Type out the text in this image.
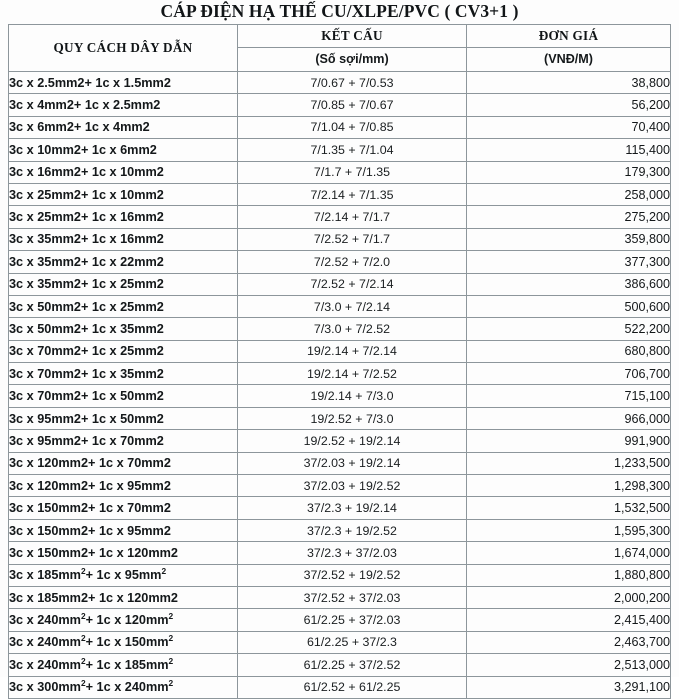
CÁP ĐIỆN HẠ THẾ CU/XLPE/PVC ( CV3+1 )
QUY CÁCH DÂY DẪN	KẾT CẤU	ĐƠN GIÁ
	(Số sợi/mm)	(VNĐ/M)
3c x 2.5mm2+ 1c x 1.5mm2	7/0.67 + 7/0.53	38,800
3c x 4mm2+ 1c x 2.5mm2	7/0.85 + 7/0.67	56,200
3c x 6mm2+ 1c x 4mm2	7/1.04 + 7/0.85	70,400
3c x 10mm2+ 1c x 6mm2	7/1.35 + 7/1.04	115,400
3c x 16mm2+ 1c x 10mm2	7/1.7 + 7/1.35	179,300
3c x 25mm2+ 1c x 10mm2	7/2.14 + 7/1.35	258,000
3c x 25mm2+ 1c x 16mm2	7/2.14 + 7/1.7	275,200
3c x 35mm2+ 1c x 16mm2	7/2.52 + 7/1.7	359,800
3c x 35mm2+ 1c x 22mm2	7/2.52 + 7/2.0	377,300
3c x 35mm2+ 1c x 25mm2	7/2.52 + 7/2.14	386,600
3c x 50mm2+ 1c x 25mm2	7/3.0 + 7/2.14	500,600
3c x 50mm2+ 1c x 35mm2	7/3.0 + 7/2.52	522,200
3c x 70mm2+ 1c x 25mm2	19/2.14 + 7/2.14	680,800
3c x 70mm2+ 1c x 35mm2	19/2.14 + 7/2.52	706,700
3c x 70mm2+ 1c x 50mm2	19/2.14 + 7/3.0	715,100
3c x 95mm2+ 1c x 50mm2	19/2.52 + 7/3.0	966,000
3c x 95mm2+ 1c x 70mm2	19/2.52 + 19/2.14	991,900
3c x 120mm2+ 1c x 70mm2	37/2.03 + 19/2.14	1,233,500
3c x 120mm2+ 1c x 95mm2	37/2.03 + 19/2.52	1,298,300
3c x 150mm2+ 1c x 70mm2	37/2.3 + 19/2.14	1,532,500
3c x 150mm2+ 1c x 95mm2	37/2.3 + 19/2.52	1,595,300
3c x 150mm2+ 1c x 120mm2	37/2.3 + 37/2.03	1,674,000
3c x $185mm^2+ 1c$ x $95mm^2$	37/2.52 + 19/2.52	1,880,800
3c x 185mm2+ 1c x 120mm2	37/2.52 + 37/2.03	2,000,200
3c x $240mm^2+ 1c$ x $120mm^2$	61/2.25 + 37/2.03	2,415,400
3c x $240mm^2+ 1c$ x $150mm^2$	61/2.25 + 37/2.3	2,463,700
3c x $240mm^2+ 1c$ x $185mm^2$	61/2.25 + 37/2.52	2,513,000
3c x $300mm^2+ 1c$ x $240mm^2$	61/2.52 + 61/2.25	3,291,100
